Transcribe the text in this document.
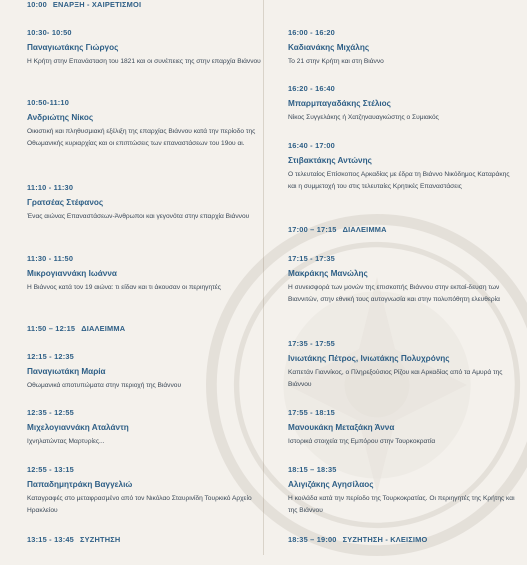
10:00 ΕΝΑΡΞΗ - ΧΑΙΡΕΤΙΣΜΟΙ
10:30- 10:50
Παναγιωτάκης Γιώργος
Η Κρήτη στην Επανάσταση του 1821 και οι συνέπειες της στην επαρχία Βιάννου
10:50-11:10
Ανδριώτης Νίκος
Οικιστική και πληθυσμιακή εξέλιξη της επαρχίας Βιάννου κατά την περίοδο της Οθωμανικής κυριαρχίας και οι επιπτώσεις των επαναστάσεων του 19ου αι.
11:10 - 11:30
Γρατσέας Στέφανος
Ένας αιώνας Επαναστάσεων-Άνθρωποι και γεγονότα στην επαρχία Βιάννου
11:30 - 11:50
Μικρογιαννάκη Ιωάννα
Η Βιάννος κατά τον 19 αιώνα: τι είδαν και τι άκουσαν οι περιηγητές
11:50 – 12:15 ΔΙΑΛΕΙΜΜΑ
12:15 - 12:35
Παναγιωτάκη Μαρία
Οθωμανικά αποτυπώματα στην περιοχή της Βιάννου
12:35 - 12:55
Μιχελογιαννάκη Αταλάντη
Ιχνηλατώντας Μαρτυρίες...
12:55 - 13:15
Παπαδημητράκη Βαγγελιώ
Καταγραφές στο μεταφρασμένο από τον Νικόλαο Σταυρινίδη Τουρκικό Αρχείο Ηρακλείου
13:15 - 13:45 ΣΥΖΗΤΗΣΗ
16:00 - 16:20
Καδιανάκης Μιχάλης
Το 21 στην Κρήτη και στη Βιάννο
16:20 - 16:40
Μπαρμπαγαδάκης Στέλιος
Νίκος Συγγελάκης ή Χατζηναυαγκώστης ο Συμιακός
16:40 - 17:00
Στιβακτάκης Αντώνης
Ο τελευταίος Επίσκοπος Αρκαδίας με έδρα τη Βιάννο Νικόδημος Καταράκης και η συμμετοχή του στις τελευταίες Κρητικές Επαναστάσεις
17:00 – 17:15 ΔΙΑΛΕΙΜΜΑ
17:15 - 17:35
Μακράκης Μανώλης
Η συνεισφορά των μονών της επισκοπής Βιάννου στην εκπαί-δευση των Βιαννιτών, στην εθνική τους αυτογνωσία και στην πολυπόθητη ελευθερία
17:35 - 17:55
Ινιωτάκης Πέτρος, Ινιωτάκης Πολυχρόνης
Καπετάν Γιαννίκος, ο Πληρεξούσιος Ρίζου και Αρκαδίας από τα Αμυρά της Βιάννου
17:55 - 18:15
Μανουκάκη Μεταξάκη Άννα
Ιστορικά στοιχεία της Εμπόρου στην Τουρκοκρατία
18:15 – 18:35
Αλιγιζάκης Αγησίλαος
Η κοιλάδα κατά την περίοδο της Τουρκοκρατίας. Οι περιηγητές της Κρήτης και της Βιάννου
18:35 – 19:00 ΣΥΖΗΤΗΣΗ - ΚΛΕΙΣΙΜΟ
